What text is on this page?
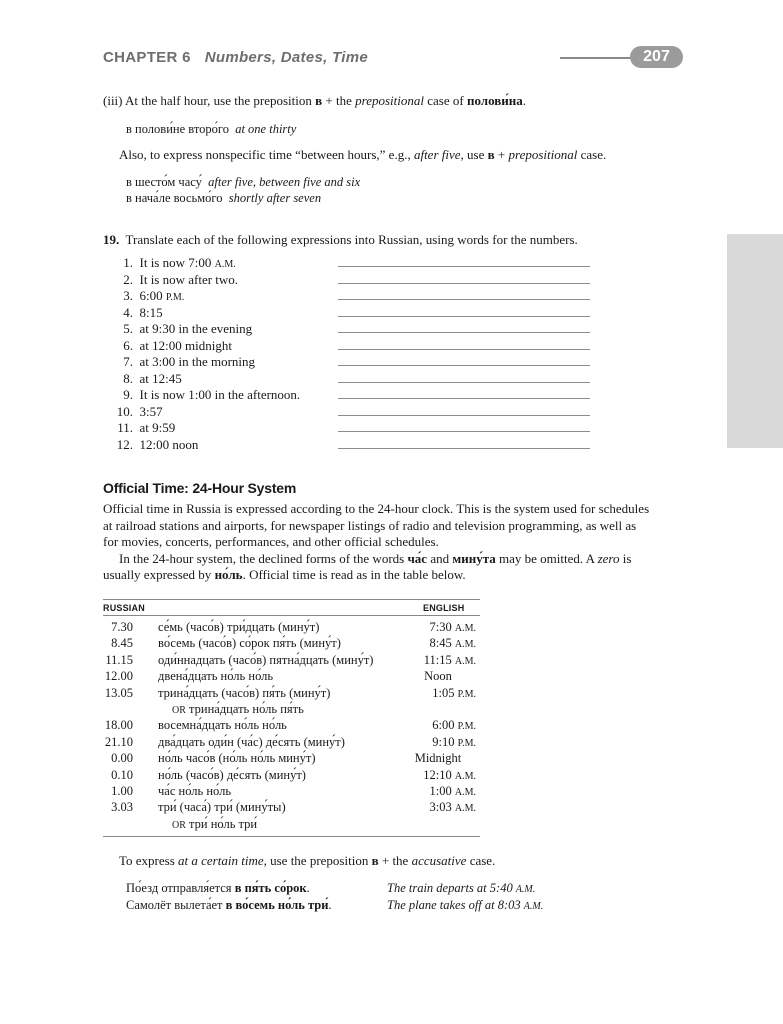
CHAPTER 6 Numbers, Dates, Time	207
(iii) At the half hour, use the preposition в + the prepositional case of полови́на.
в полови́не второ́го at one thirty
Also, to express nonspecific time “between hours,” e.g., after five, use в + prepositional case.
в шесто́м часу́ after five, between five and six
в нача́ле восьмо́го shortly after seven
19. Translate each of the following expressions into Russian, using words for the numbers.
1. It is now 7:00 A.M.
2. It is now after two.
3. 6:00 P.M.
4. 8:15
5. at 9:30 in the evening
6. at 12:00 midnight
7. at 3:00 in the morning
8. at 12:45
9. It is now 1:00 in the afternoon.
10. 3:57
11. at 9:59
12. 12:00 noon
Official Time: 24-Hour System
Official time in Russia is expressed according to the 24-hour clock. This is the system used for schedules
at railroad stations and airports, for newspaper listings of radio and television programming, as well as
for movies, concerts, performances, and other official schedules.
In the 24-hour system, the declined forms of the words ча́с and мину́та may be omitted. A zero is
usually expressed by но́ль. Official time is read as in the table below.
RUSSIAN	ENGLISH
7.30 се́мь (часо́в) три́дцать (мину́т)	7:30 A.M.
8.45 во́семь (часо́в) со́рок пя́ть (мину́т)	8:45 A.M.
11.15 оди́ннадцать (часо́в) пятна́дцать (мину́т)	11:15 A.M.
12.00 двена́дцать но́ль но́ль	Noon
13.05 трина́дцать (часо́в) пя́ть (мину́т)	1:05 P.M.
OR трина́дцать но́ль пя́ть
18.00 восемна́дцать но́ль но́ль	6:00 P.M.
21.10 два́дцать оди́н (ча́с) де́сять (мину́т)	9:10 P.M.
0.00 но́ль часо́в (но́ль но́ль мину́т)	Midnight
0.10 но́ль (часо́в) де́сять (мину́т)	12:10 A.M.
1.00 ча́с но́ль но́ль	1:00 A.M.
3.03 три́ (часа́) три́ (мину́ты)	3:03 A.M.
OR три́ но́ль три́
To express at a certain time, use the preposition в + the accusative case.
По́езд отправля́ется в пя́ть со́рок.	The train departs at 5:40 A.M.
Самолёт вылета́ет в во́семь но́ль три́.	The plane takes off at 8:03 A.M.
